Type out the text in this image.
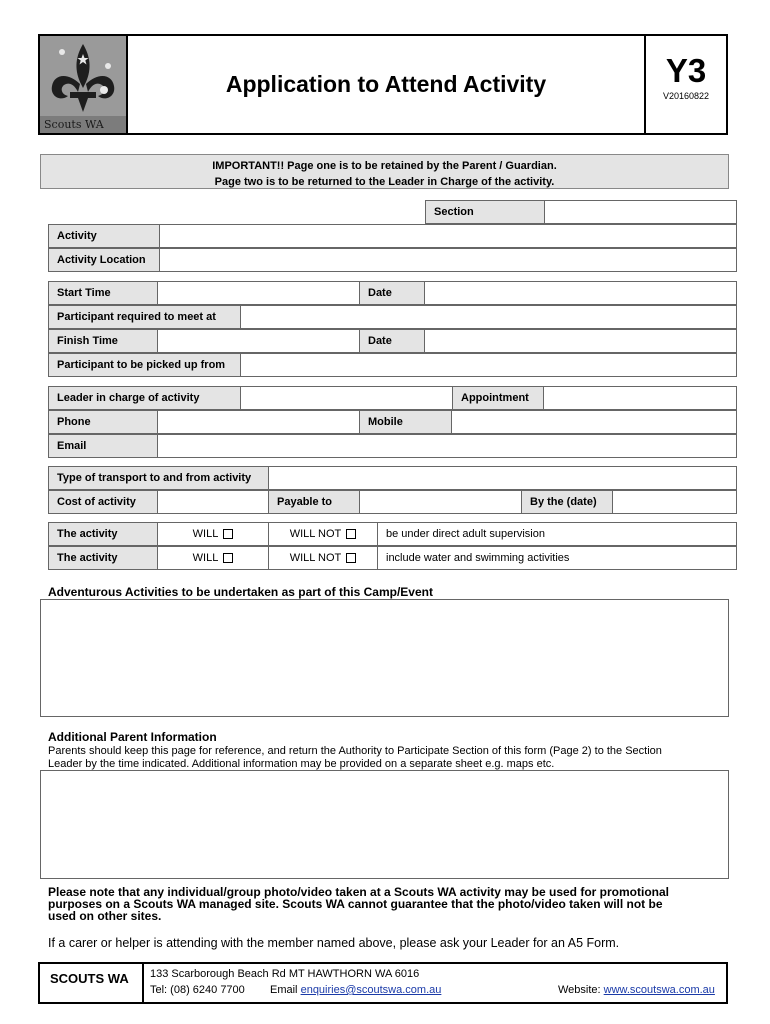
Scouts WA
Application to Attend Activity	Y3
V20160822
IMPORTANT!! Page one is to be retained by the Parent / Guardian.
Page two is to be returned to the Leader in Charge of the activity.
Section
Activity
Activity Location
Start Time	Date
Participant required to meet at
Finish Time	Date
Participant to be picked up from
Leader in charge of activity	Appointment
Phone	Mobile
Email
Type of transport to and from activity
Cost of activity	Payable to	By the (date)
The activity	WILL	WILL NOT	be under direct adult supervision
The activity	WILL	WILL NOT	include water and swimming activities
Adventurous Activities to be undertaken as part of this Camp/Event
Additional Parent Information
Parents should keep this page for reference, and return the Authority to Participate Section of this form (Page 2) to the Section
Leader by the time indicated. Additional information may be provided on a separate sheet e.g. maps etc.
Please note that any individual/group photo/video taken at a Scouts WA activity may be used for promotional
purposes on a Scouts WA managed site. Scouts WA cannot guarantee that the photo/video taken will not be
used on other sites.
If a carer or helper is attending with the member named above, please ask your Leader for an A5 Form.
SCOUTS WA 133 Scarborough Beach Rd MT HAWTHORN WA 6016
Tel: (08) 6240 7700 Email enquiries@scoutswa.com.au	Website: www.scoutswa.com.au
